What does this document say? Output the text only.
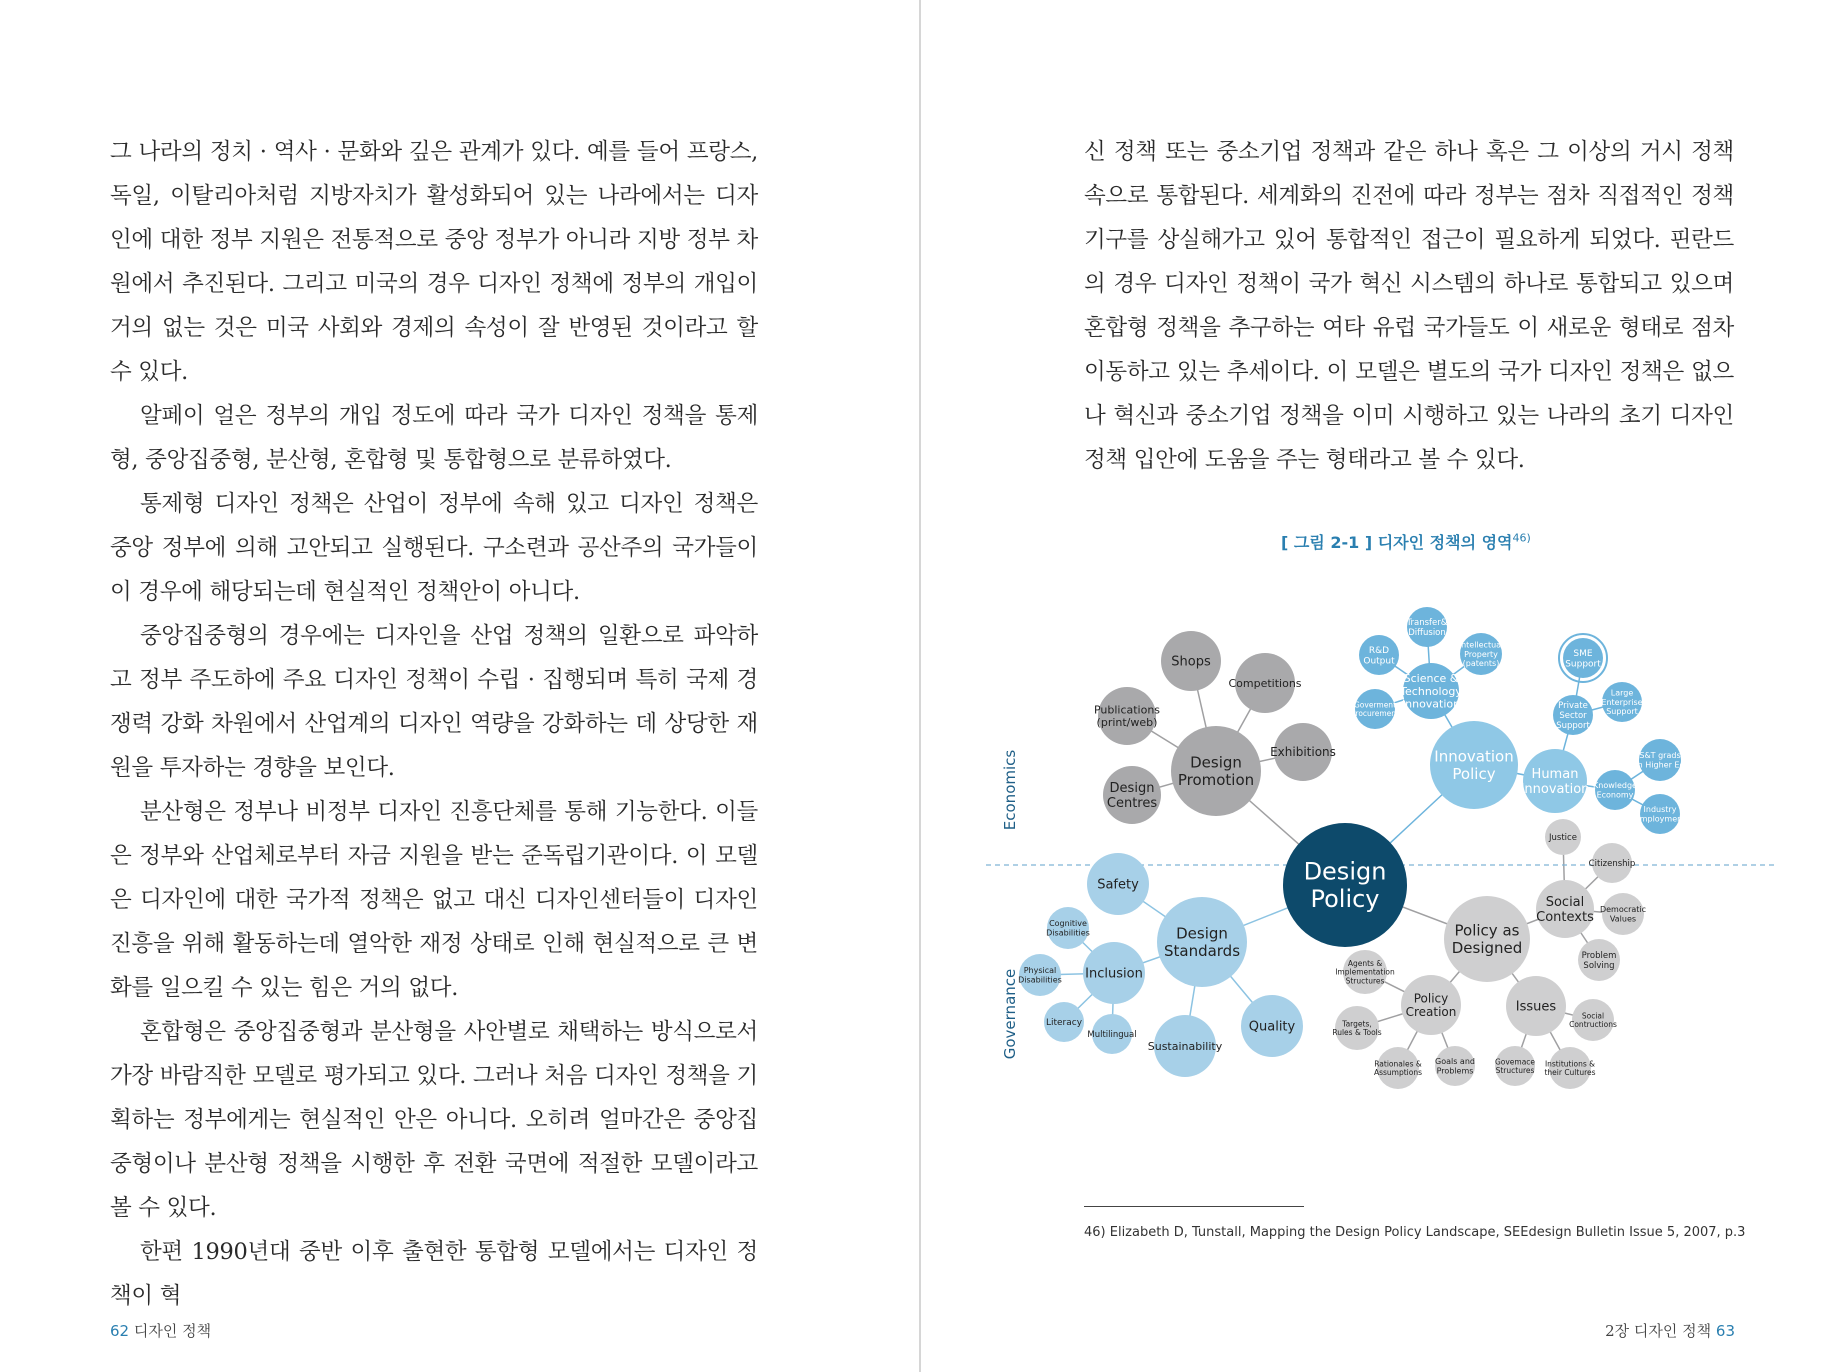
그 나라의 정치 · 역사 · 문화와 깊은 관계가 있다. 예를 들어 프랑스, 독일, 이탈리아처럼 지방자치가 활성화되어 있는 나라에서는 디자인에 대한 정부 지원은 전통적으로 중앙 정부가 아니라 지방 정부 차원에서 추진된다. 그리고 미국의 경우 디자인 정책에 정부의 개입이 거의 없는 것은 미국 사회와 경제의 속성이 잘 반영된 것이라고 할 수 있다.

알페이 얼은 정부의 개입 정도에 따라 국가 디자인 정책을 통제형, 중앙집중형, 분산형, 혼합형 및 통합형으로 분류하였다.

통제형 디자인 정책은 산업이 정부에 속해 있고 디자인 정책은 중앙 정부에 의해 고안되고 실행된다. 구소련과 공산주의 국가들이 이 경우에 해당되는데 현실적인 정책안이 아니다.

중앙집중형의 경우에는 디자인을 산업 정책의 일환으로 파악하고 정부 주도하에 주요 디자인 정책이 수립 · 집행되며 특히 국제 경쟁력 강화 차원에서 산업계의 디자인 역량을 강화하는 데 상당한 재원을 투자하는 경향을 보인다.

분산형은 정부나 비정부 디자인 진흥단체를 통해 기능한다. 이들은 정부와 산업체로부터 자금 지원을 받는 준독립기관이다. 이 모델은 디자인에 대한 국가적 정책은 없고 대신 디자인센터들이 디자인 진흥을 위해 활동하는데 열악한 재정 상태로 인해 현실적으로 큰 변화를 일으킬 수 있는 힘은 거의 없다.

혼합형은 중앙집중형과 분산형을 사안별로 채택하는 방식으로서 가장 바람직한 모델로 평가되고 있다. 그러나 처음 디자인 정책을 기획하는 정부에게는 현실적인 안은 아니다. 오히려 얼마간은 중앙집중형이나 분산형 정책을 시행한 후 전환 국면에 적절한 모델이라고 볼 수 있다.

한편 1990년대 중반 이후 출현한 통합형 모델에서는 디자인 정책이 혁

62 디자인 정책

신 정책 또는 중소기업 정책과 같은 하나 혹은 그 이상의 거시 정책 속으로 통합된다. 세계화의 진전에 따라 정부는 점차 직접적인 정책 기구를 상실해가고 있어 통합적인 접근이 필요하게 되었다. 핀란드의 경우 디자인 정책이 국가 혁신 시스템의 하나로 통합되고 있으며 혼합형 정책을 추구하는 여타 유럽 국가들도 이 새로운 형태로 점차 이동하고 있는 추세이다. 이 모델은 별도의 국가 디자인 정책은 없으나 혁신과 중소기업 정책을 이미 시행하고 있는 나라의 초기 디자인 정책 입안에 도움을 주는 형태라고 볼 수 있다.

[ 그림 2-1 ] 디자인 정책의 영역$^{46)}$
Economics
Governance
Design
Policy
Design
Promotion
Shops
Competitions
Publications
(print/web)
Exhibitions
Design
Centres
Innovation
Policy
Science &
Technology
Innovation
Transfer&
Diffusion
R&D
Output
Intellectual
Property
(patents)
Goverment
Procurement
Human
Innovation
SME
Support
Private
Sector
Support
Large
Enterprise
Support
S&T grads
in Higher Ed
Knowledge
Economy
Industry
Employment
Design
Standards
Safety
Inclusion
Cognitive
Disabilities
Physical
Disabilities
Literacy
Multilingual
Sustainability
Quality
Policy as
Designed
Social
Contexts
Justice
Citizenship
Democratic
Values
Problem
Solving
Policy
Creation
Agents &
Implementation
Structures
Targets,
Rules & Tools
Rationales &
Assumptions
Goals and
Problems
Issues
Social
Contructions
Govemace
Structures
Institutions &
their Cultures
46) Elizabeth D, Tunstall, Mapping the Design Policy Landscape, SEEdesign Bulletin Issue 5, 2007, p.3
2장 디자인 정책 63
